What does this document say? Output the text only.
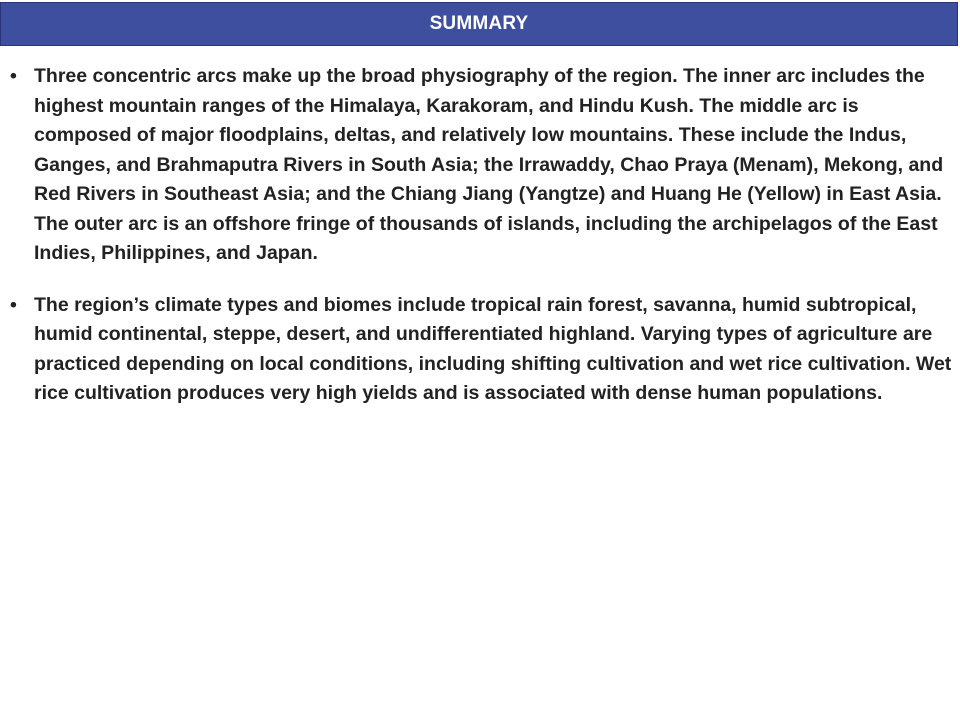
SUMMARY
• Three concentric arcs make up the broad physiography of the region. The inner arc includes the highest mountain ranges of the Himalaya, Karakoram, and Hindu Kush. The middle arc is composed of major floodplains, deltas, and relatively low mountains. These include the Indus, Ganges, and Brahmaputra Rivers in South Asia; the Irrawaddy, Chao Praya (Menam), Mekong, and Red Rivers in Southeast Asia; and the Chiang Jiang (Yangtze) and Huang He (Yellow) in East Asia. The outer arc is an offshore fringe of thousands of islands, including the archipelagos of the East Indies, Philippines, and Japan.
• The region’s climate types and biomes include tropical rain forest, savanna, humid subtropical, humid continental, steppe, desert, and undifferentiated highland. Varying types of agriculture are practiced depending on local conditions, including shifting cultivation and wet rice cultivation. Wet rice cultivation produces very high yields and is associated with dense human populations.
